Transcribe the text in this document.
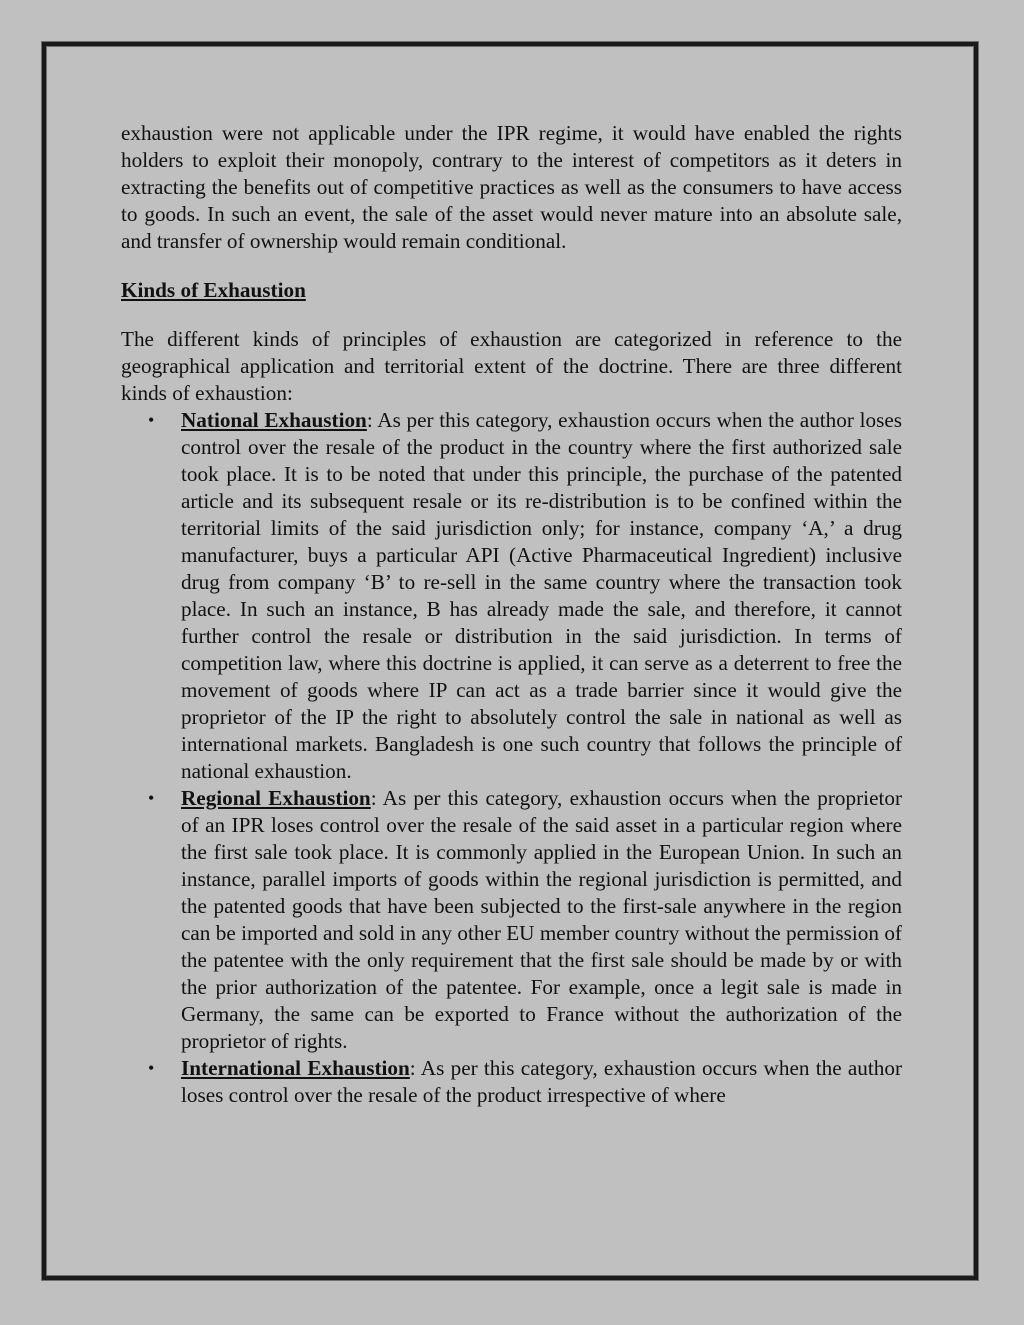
exhaustion were not applicable under the IPR regime, it would have enabled the rights holders to exploit their monopoly, contrary to the interest of competitors as it deters in extracting the benefits out of competitive practices as well as the consumers to have access to goods. In such an event, the sale of the asset would never mature into an absolute sale, and transfer of ownership would remain conditional.

Kinds of Exhaustion

The different kinds of principles of exhaustion are categorized in reference to the geographical application and territorial extent of the doctrine. There are three different kinds of exhaustion:

• National Exhaustion: As per this category, exhaustion occurs when the author loses control over the resale of the product in the country where the first authorized sale took place. It is to be noted that under this principle, the purchase of the patented article and its subsequent resale or its re-distribution is to be confined within the territorial limits of the said jurisdiction only; for instance, company ‘A,’ a drug manufacturer, buys a particular API (Active Pharmaceutical Ingredient) inclusive drug from company ‘B’ to re-sell in the same country where the transaction took place. In such an instance, B has already made the sale, and therefore, it cannot further control the resale or distribution in the said jurisdiction. In terms of competition law, where this doctrine is applied, it can serve as a deterrent to free the movement of goods where IP can act as a trade barrier since it would give the proprietor of the IP the right to absolutely control the sale in national as well as international markets. Bangladesh is one such country that follows the principle of national exhaustion.
• Regional Exhaustion: As per this category, exhaustion occurs when the proprietor of an IPR loses control over the resale of the said asset in a particular region where the first sale took place. It is commonly applied in the European Union. In such an instance, parallel imports of goods within the regional jurisdiction is permitted, and the patented goods that have been subjected to the first-sale anywhere in the region can be imported and sold in any other EU member country without the permission of the patentee with the only requirement that the first sale should be made by or with the prior authorization of the patentee. For example, once a legit sale is made in Germany, the same can be exported to France without the authorization of the proprietor of rights.
• International Exhaustion: As per this category, exhaustion occurs when the author loses control over the resale of the product irrespective of where
